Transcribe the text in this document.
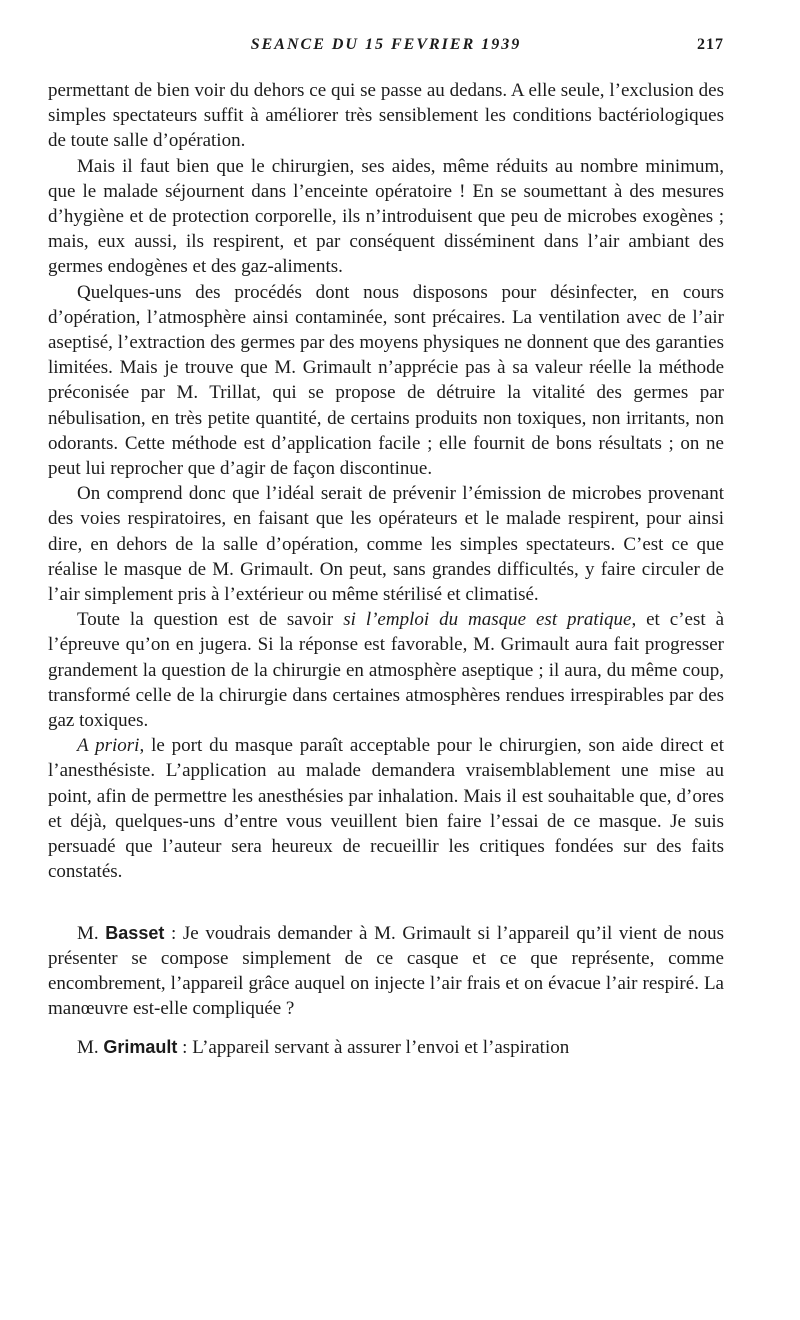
SEANCE DU 15 FEVRIER 1939	217

permettant de bien voir du dehors ce qui se passe au dedans. A elle seule, l’exclusion des simples spectateurs suffit à améliorer très sensiblement les conditions bactériologiques de toute salle d’opération.

Mais il faut bien que le chirurgien, ses aides, même réduits au nombre minimum, que le malade séjournent dans l’enceinte opératoire ! En se soumettant à des mesures d’hygiène et de protection corporelle, ils n’introduisent que peu de microbes exogènes ; mais, eux aussi, ils respirent, et par conséquent disséminent dans l’air ambiant des germes endogènes et des gaz-aliments.

Quelques-uns des procédés dont nous disposons pour désinfecter, en cours d’opération, l’atmosphère ainsi contaminée, sont précaires. La ventilation avec de l’air aseptisé, l’extraction des germes par des moyens physiques ne donnent que des garanties limitées. Mais je trouve que M. Grimault n’apprécie pas à sa valeur réelle la méthode préconisée par M. Trillat, qui se propose de détruire la vitalité des germes par nébulisation, en très petite quantité, de certains produits non toxiques, non irritants, non odorants. Cette méthode est d’application facile ; elle fournit de bons résultats ; on ne peut lui reprocher que d’agir de façon discontinue.

On comprend donc que l’idéal serait de prévenir l’émission de microbes provenant des voies respiratoires, en faisant que les opérateurs et le malade respirent, pour ainsi dire, en dehors de la salle d’opération, comme les simples spectateurs. C’est ce que réalise le masque de M. Grimault. On peut, sans grandes difficultés, y faire circuler de l’air simplement pris à l’extérieur ou même stérilisé et climatisé.

Toute la question est de savoir si l’emploi du masque est pratique, et c’est à l’épreuve qu’on en jugera. Si la réponse est favorable, M. Grimault aura fait progresser grandement la question de la chirurgie en atmosphère aseptique ; il aura, du même coup, transformé celle de la chirurgie dans certaines atmosphères rendues irrespirables par des gaz toxiques.

A priori, le port du masque paraît acceptable pour le chirurgien, son aide direct et l’anesthésiste. L’application au malade demandera vraisemblablement une mise au point, afin de permettre les anesthésies par inhalation. Mais il est souhaitable que, d’ores et déjà, quelques-uns d’entre vous veuillent bien faire l’essai de ce masque. Je suis persuadé que l’auteur sera heureux de recueillir les critiques fondées sur des faits constatés.

M. Basset : Je voudrais demander à M. Grimault si l’appareil qu’il vient de nous présenter se compose simplement de ce casque et ce que représente, comme encombrement, l’appareil grâce auquel on injecte l’air frais et on évacue l’air respiré. La manœuvre est-elle compliquée ?

M. Grimault : L’appareil servant à assurer l’envoi et l’aspiration
